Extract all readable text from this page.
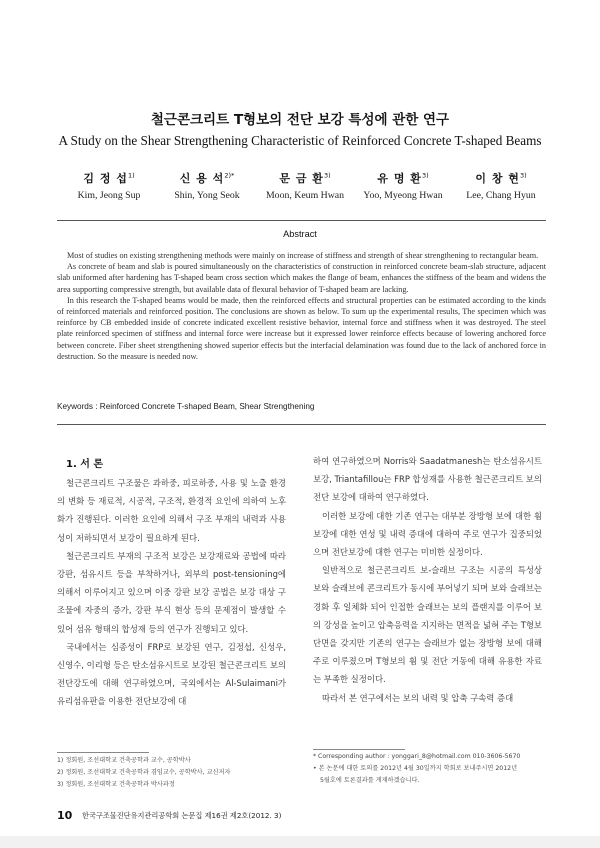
철근콘크리트 T형보의 전단 보강 특성에 관한 연구
A Study on the Shear Strengthening Characteristic of Reinforced Concrete T-shaped Beams
김 정 섭$^{1)}$
Kim, Jeong Sup
신 용 석$^{2)*}$
Shin, Yong Seok
문 금 환$^{3)}$
Moon, Keum Hwan
유 명 환$^{3)}$
Yoo, Myeong Hwan
이 창 현$^{3)}$
Lee, Chang Hyun
Abstract

Most of studies on existing strengthening methods were mainly on increase of stiffness and strength of shear strengthening to rectangular beam.

As concrete of beam and slab is poured simultaneously on the characteristics of construction in reinforced concrete beam-slab structure, adjacent slab uniformed after hardening has T-shaped beam cross section which makes the flange of beam, enhances the stiffness of the beam and widens the area supporting compressive strength, but available data of flexural behavior of T-shaped beam are lacking.

In this research the T-shaped beams would be made, then the reinforced effects and structural properties can be estimated according to the kinds of reinforced materials and reinforced position. The conclusions are shown as below. To sum up the experimental results, The specimen which was reinforce by CB embedded inside of concrete indicated excellent resistive behavior, internal force and stiffness when it was destroyed. The steel plate reinforced specimen of stiffness and internal force were increase but it expressed lower reinforce effects because of lowering anchored force between concrete. Fiber sheet strengthening showed superior effects but the interfacial delamination was found due to the lack of anchored force in destruction. So the measure is needed now.

Keywords : Reinforced Concrete T-shaped Beam, Shear Strengthening
1. 서 론

철근콘크리트 구조물은 과하중, 피로하중, 사용 및 노출 환경의 변화 등 재료적, 시공적, 구조적, 환경적 요인에 의하여 노후화가 진행된다. 이러한 요인에 의해서 구조 부재의 내력과 사용성이 저하되면서 보강이 필요하게 된다.

철근콘크리트 부재의 구조적 보강은 보강재료와 공법에 따라 강판, 섬유시트 등을 부착하거나, 외부의 post-tensioning에 의해서 이루어지고 있으며 이중 강판 보강 공법은 보강 대상 구조물에 자중의 증가, 강판 부식 현상 등의 문제점이 발생할 수 있어 섬유 형태의 합성재 등의 연구가 진행되고 있다.

국내에서는 심종성이 FRP로 보강된 연구, 김정섭, 신성우, 신영수, 이리형 등은 탄소섬유시트로 보강된 철근콘크리트 보의 전단강도에 대해 연구하였으며, 국외에서는 Al-Sulaimani가 유리섬유판을 이용한 전단보강에 대

하여 연구하였으며 Norris와 Saadatmanesh는 탄소섬유시트 보강, Triantafillou는 FRP 합성재를 사용한 철근콘크리트 보의 전단 보강에 대하여 연구하였다.

이러한 보강에 대한 기존 연구는 대부분 장방형 보에 대한 휨 보강에 대한 연성 및 내력 증대에 대하여 주로 연구가 집중되었으며 전단보강에 대한 연구는 미비한 실정이다.

일반적으로 철근콘크리트 보-슬래브 구조는 시공의 특성상 보와 슬래브에 콘크리트가 동시에 부어넣기 되며 보와 슬래브는 경화 후 일체화 되어 인접한 슬래브는 보의 플랜지를 이루어 보의 강성을 높이고 압축응력을 지지하는 면적을 넓혀 주는 T형보 단면을 갖지만 기존의 연구는 슬래브가 없는 장방형 보에 대해 주로 이루졌으며 T형보의 휨 및 전단 거동에 대해 유용한 자료는 부족한 실정이다.

따라서 본 연구에서는 보의 내력 및 압축 구속력 증대

1) 정회원, 조선대학교 건축공학과 교수, 공학박사
2) 정회원, 조선대학교 건축공학과 겸임교수, 공학박사, 교신저자
3) 정회원, 조선대학교 건축공학과 박사과정
* Corresponding author : yonggari_8@hotmail.com 010-3606-5670
• 본 논문에 대한 토의를 2012년 4월 30일까지 학회로 보내주시면 2012년
5월호에 토론결과를 게재하겠습니다.
10 한국구조물진단유지관리공학회 논문집 제16권 제2호(2012. 3)
